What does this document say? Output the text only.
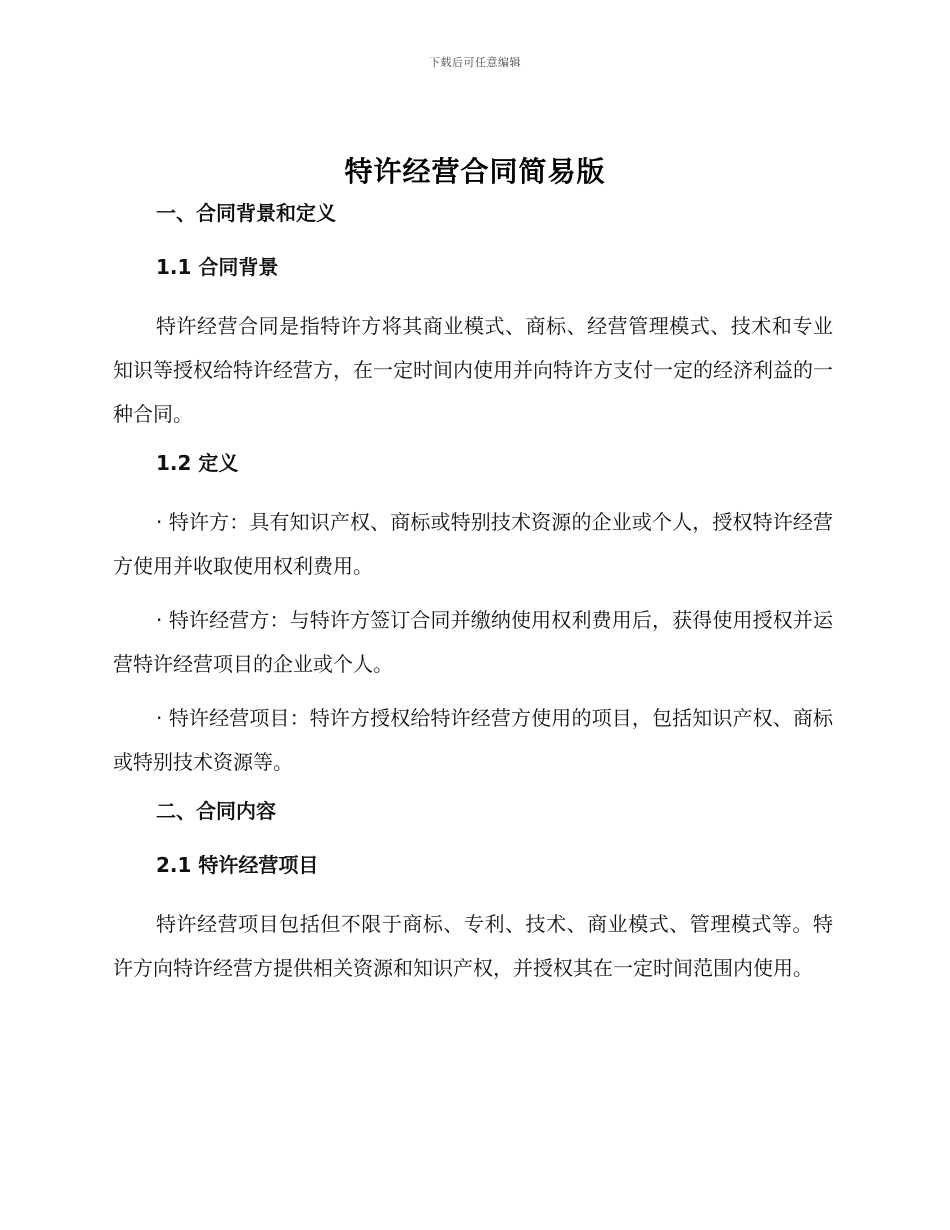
下载后可任意编辑
特许经营合同简易版
一、合同背景和定义
1.1 合同背景
特许经营合同是指特许方将其商业模式、商标、经营管理模式、技术和专业知识等授权给特许经营方，在一定时间内使用并向特许方支付一定的经济利益的一种合同。
1.2 定义
· 特许方：具有知识产权、商标或特别技术资源的企业或个人，授权特许经营方使用并收取使用权利费用。
· 特许经营方：与特许方签订合同并缴纳使用权利费用后，获得使用授权并运营特许经营项目的企业或个人。
· 特许经营项目：特许方授权给特许经营方使用的项目，包括知识产权、商标或特别技术资源等。
二、合同内容
2.1 特许经营项目
特许经营项目包括但不限于商标、专利、技术、商业模式、管理模式等。特许方向特许经营方提供相关资源和知识产权，并授权其在一定时间范围内使用。
